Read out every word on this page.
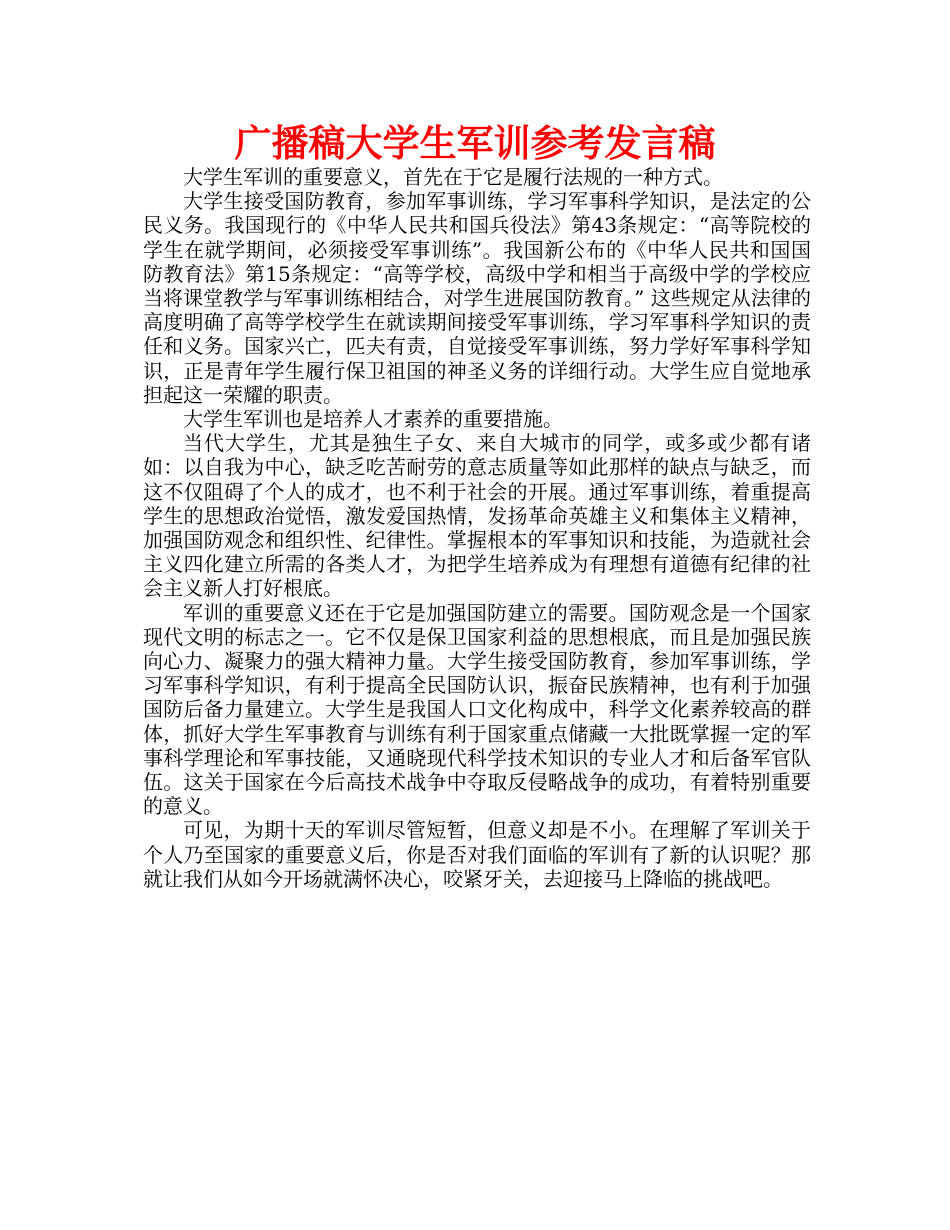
广播稿大学生军训参考发言稿

大学生军训的重要意义，首先在于它是履行法规的一种方式。

大学生接受国防教育，参加军事训练，学习军事科学知识，是法定的公民义务。我国现行的《中华人民共和国兵役法》第43条规定：“高等院校的学生在就学期间，必须接受军事训练”。我国新公布的《中华人民共和国国防教育法》第15条规定：“高等学校，高级中学和相当于高级中学的学校应当将课堂教学与军事训练相结合，对学生进展国防教育。” 这些规定从法律的高度明确了高等学校学生在就读期间接受军事训练，学习军事科学知识的责任和义务。国家兴亡，匹夫有责，自觉接受军事训练，努力学好军事科学知识，正是青年学生履行保卫祖国的神圣义务的详细行动。大学生应自觉地承担起这一荣耀的职责。

大学生军训也是培养人才素养的重要措施。

当代大学生，尤其是独生子女、来自大城市的同学，或多或少都有诸如：以自我为中心，缺乏吃苦耐劳的意志质量等如此那样的缺点与缺乏，而这不仅阻碍了个人的成才，也不利于社会的开展。通过军事训练，着重提高学生的思想政治觉悟，激发爱国热情，发扬革命英雄主义和集体主义精神，加强国防观念和组织性、纪律性。掌握根本的军事知识和技能，为造就社会主义四化建立所需的各类人才，为把学生培养成为有理想有道德有纪律的社会主义新人打好根底。

军训的重要意义还在于它是加强国防建立的需要。国防观念是一个国家现代文明的标志之一。它不仅是保卫国家利益的思想根底，而且是加强民族向心力、凝聚力的强大精神力量。大学生接受国防教育，参加军事训练，学习军事科学知识，有利于提高全民国防认识，振奋民族精神，也有利于加强国防后备力量建立。大学生是我国人口文化构成中，科学文化素养较高的群体，抓好大学生军事教育与训练有利于国家重点储藏一大批既掌握一定的军事科学理论和军事技能，又通晓现代科学技术知识的专业人才和后备军官队伍。这关于国家在今后高技术战争中夺取反侵略战争的成功，有着特别重要的意义。

可见，为期十天的军训尽管短暂，但意义却是不小。在理解了军训关于个人乃至国家的重要意义后，你是否对我们面临的军训有了新的认识呢？那就让我们从如今开场就满怀决心，咬紧牙关，去迎接马上降临的挑战吧。
